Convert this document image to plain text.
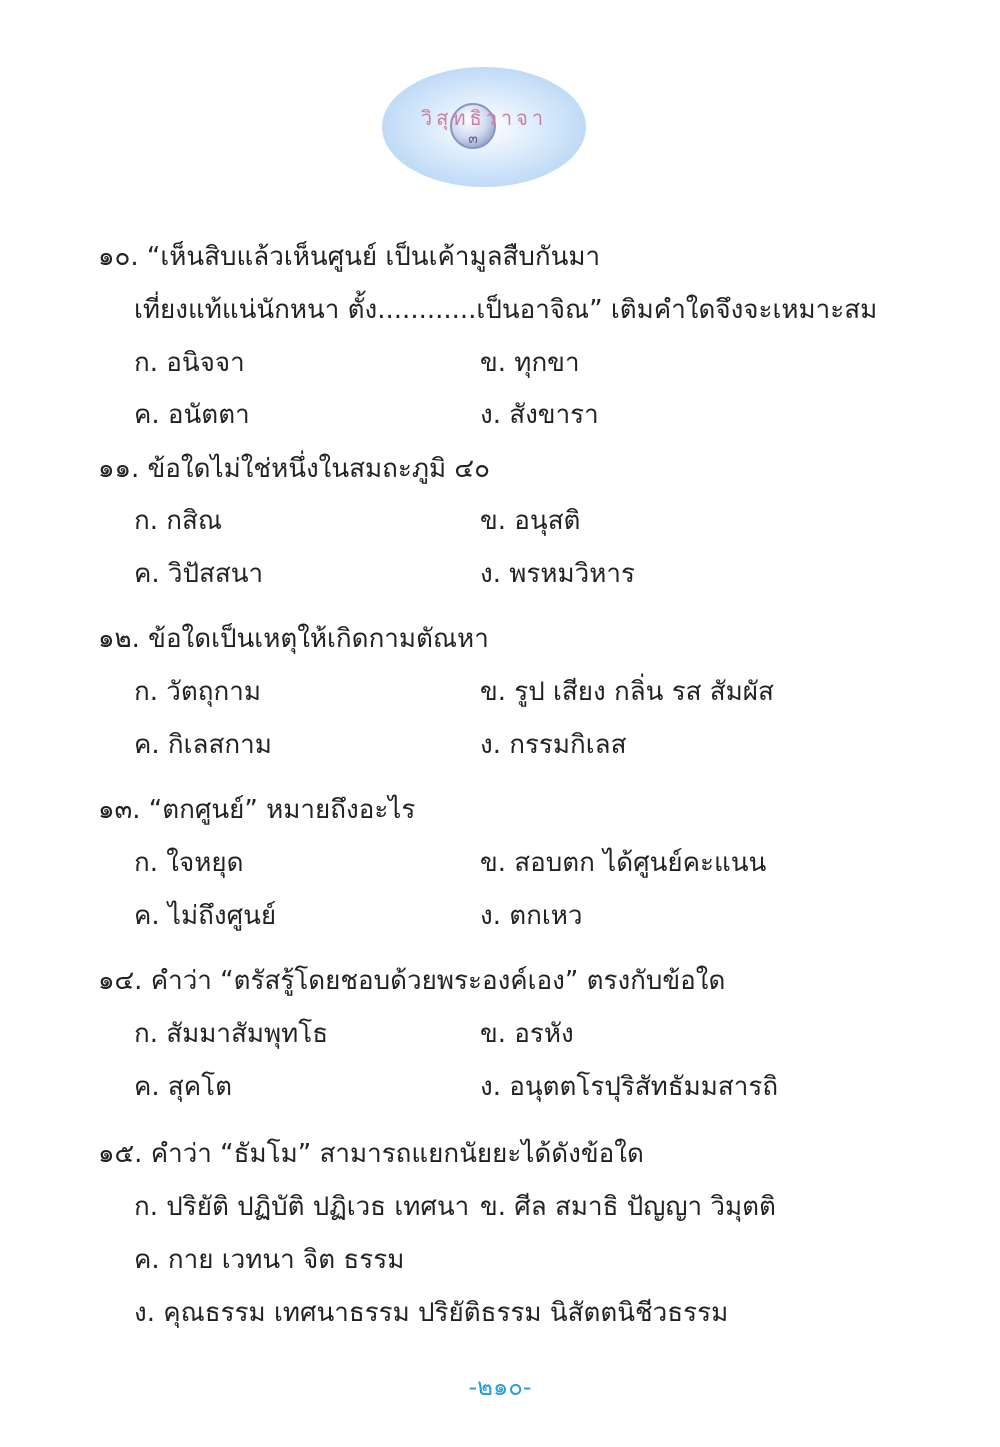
วิสุทธิวาจา
๓
๑๐. “เห็นสิบแล้วเห็นศูนย์ เป็นเค้ามูลสืบกันมา
เที่ยงแท้แน่นักหนา ตั้ง............เป็นอาจิณ” เติมคำใดจึงจะเหมาะสม
ก. อนิจจา	ข. ทุกขา
ค. อนัตตา	ง. สังขารา
๑๑. ข้อใดไม่ใช่หนึ่งในสมถะภูมิ ๔๐
ก. กสิณ	ข. อนุสติ
ค. วิปัสสนา	ง. พรหมวิหาร
๑๒. ข้อใดเป็นเหตุให้เกิดกามตัณหา
ก. วัตถุกาม	ข. รูป เสียง กลิ่น รส สัมผัส
ค. กิเลสกาม	ง. กรรมกิเลส
๑๓. “ตกศูนย์” หมายถึงอะไร
ก. ใจหยุด	ข. สอบตก ได้ศูนย์คะแนน
ค. ไม่ถึงศูนย์	ง. ตกเหว
๑๔. คำว่า “ตรัสรู้โดยชอบด้วยพระองค์เอง” ตรงกับข้อใด
ก. สัมมาสัมพุทโธ	ข. อรหัง
ค. สุคโต	ง. อนุตตโรปุริสัทธัมมสารถิ
๑๕. คำว่า “ธัมโม” สามารถแยกนัยยะได้ดังข้อใด
ก. ปริยัติ ปฏิบัติ ปฏิเวธ เทศนา ข. ศีล สมาธิ ปัญญา วิมุตติ
ค. กาย เวทนา จิต ธรรม
ง. คุณธรรม เทศนาธรรม ปริยัติธรรม นิสัตตนิชีวธรรม
-๒๑๐-
